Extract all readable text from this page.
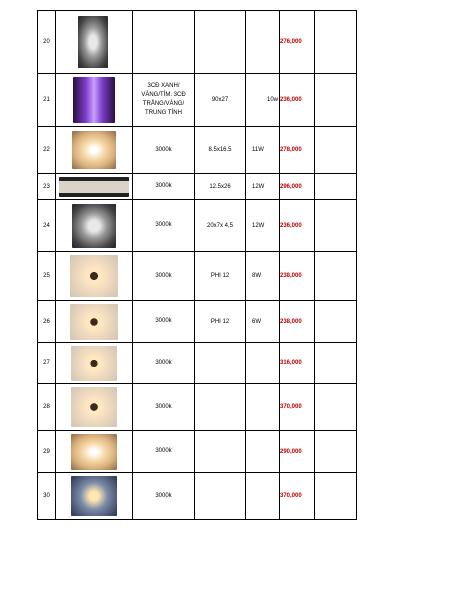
20					276,000	
21		3CĐ XANH/ VÀNG/TÍM. 3CĐ TRẮNG/VÀNG/ TRUNG TÍNH	90x27	10w	236,000	
22		3000k	8.5x16.5	11W	278,000	
23		3000k	12.5x26	12W	296,000	
24		3000k	20x7x 4,5	12W	236,000	
25		3000k	PHI 12	8W	238,000	
26		3000k	PHI 12	6W	238,000	
27		3000k			316,000	
28		3000k			370,000	
29		3000k			290,000	
30		3000k			370,000	
